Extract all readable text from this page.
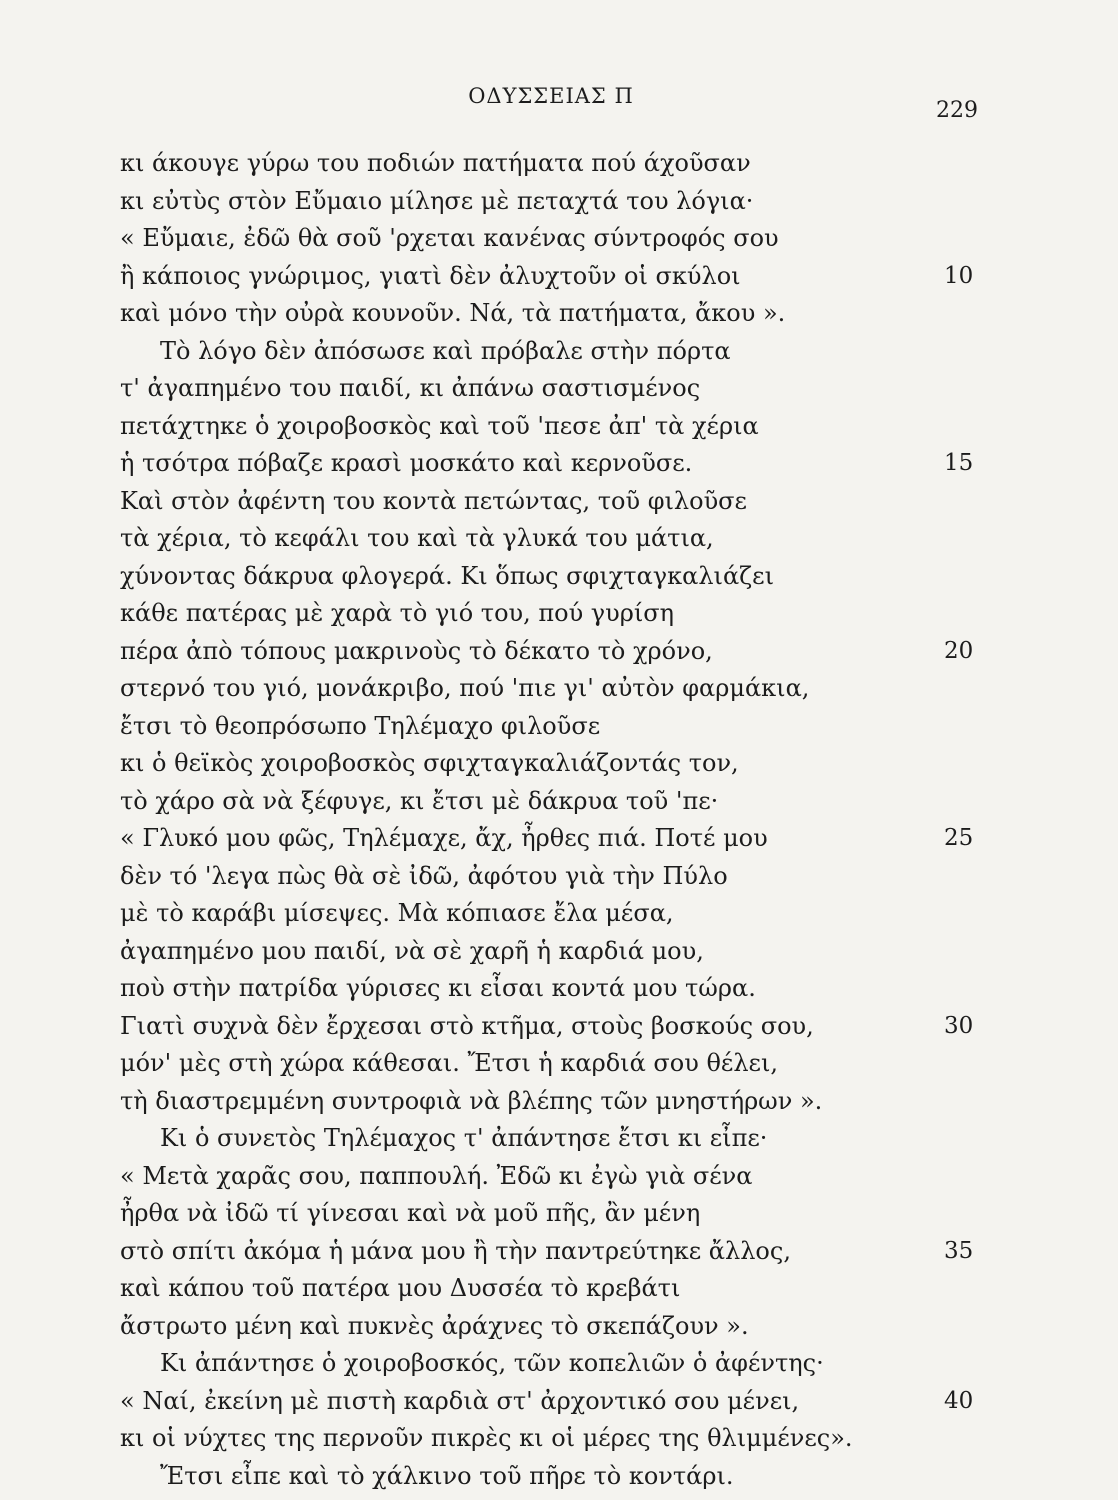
ΟΔΥΣΣΕΙΑΣ Π
229
κι άκουγε γύρω του ποδιών πατήματα πού άχοῦσαν
κι εὐτὺς στὸν Εὔμαιο μίλησε μὲ πεταχτά του λόγια·
« Εὔμαιε, ἐδῶ θὰ σοῦ 'ρχεται κανένας σύντροφός σου
ἢ κάποιος γνώριμος, γιατὶ δὲν ἀλυχτοῦν οἱ σκύλοι	10
καὶ μόνο τὴν οὐρὰ κουνοῦν. Νά, τὰ πατήματα, ἄκου ».
Τὸ λόγο δὲν ἀπόσωσε καὶ πρόβαλε στὴν πόρτα
τ' ἀγαπημένο του παιδί, κι ἀπάνω σαστισμένος
πετάχτηκε ὁ χοιροβοσκὸς καὶ τοῦ 'πεσε ἀπ' τὰ χέρια
ἡ τσότρα πόβαζε κρασὶ μοσκάτο καὶ κερνοῦσε.	15
Καὶ στὸν ἀφέντη του κοντὰ πετώντας, τοῦ φιλοῦσε
τὰ χέρια, τὸ κεφάλι του καὶ τὰ γλυκά του μάτια,
χύνοντας δάκρυα φλογερά. Κι ὅπως σφιχταγκαλιάζει
κάθε πατέρας μὲ χαρὰ τὸ γιό του, πού γυρίση
πέρα ἀπὸ τόπους μακρινοὺς τὸ δέκατο τὸ χρόνο,	20
στερνό του γιό, μονάκριβο, πού 'πιε γι' αὐτὸν φαρμάκια,
ἔτσι τὸ θεοπρόσωπο Τηλέμαχο φιλοῦσε
κι ὁ θεϊκὸς χοιροβοσκὸς σφιχταγκαλιάζοντάς τον,
τὸ χάρο σὰ νὰ ξέφυγε, κι ἔτσι μὲ δάκρυα τοῦ 'πε·
« Γλυκό μου φῶς, Τηλέμαχε, ἄχ, ἦρθες πιά. Ποτέ μου	25
δὲν τό 'λεγα πὼς θὰ σὲ ἰδῶ, ἀφότου γιὰ τὴν Πύλο
μὲ τὸ καράβι μίσεψες. Μὰ κόπιασε ἔλα μέσα,
ἀγαπημένο μου παιδί, νὰ σὲ χαρῆ ἡ καρδιά μου,
ποὺ στὴν πατρίδα γύρισες κι εἶσαι κοντά μου τώρα.
Γιατὶ συχνὰ δὲν ἔρχεσαι στὸ κτῆμα, στοὺς βοσκούς σου,	30
μόν' μὲς στὴ χώρα κάθεσαι. Ἔτσι ἡ καρδιά σου θέλει,
τὴ διαστρεμμένη συντροφιὰ νὰ βλέπης τῶν μνηστήρων ».
Κι ὁ συνετὸς Τηλέμαχος τ' ἀπάντησε ἔτσι κι εἶπε·
« Μετὰ χαρᾶς σου, παππουλή. Ἐδῶ κι ἐγὼ γιὰ σένα
ἦρθα νὰ ἰδῶ τί γίνεσαι καὶ νὰ μοῦ πῆς, ἂν μένη
στὸ σπίτι ἀκόμα ἡ μάνα μου ἢ τὴν παντρεύτηκε ἄλλος,	35
καὶ κάπου τοῦ πατέρα μου Δυσσέα τὸ κρεβάτι
ἄστρωτο μένη καὶ πυκνὲς ἀράχνες τὸ σκεπάζουν ».
Κι ἀπάντησε ὁ χοιροβοσκός, τῶν κοπελιῶν ὁ ἀφέντης·
« Ναί, ἐκείνη μὲ πιστὴ καρδιὰ στ' ἀρχοντικό σου μένει,	40
κι οἱ νύχτες της περνοῦν πικρὲς κι οἱ μέρες της θλιμμένες».
Ἔτσι εἶπε καὶ τὸ χάλκινο τοῦ πῆρε τὸ κοντάρι.
